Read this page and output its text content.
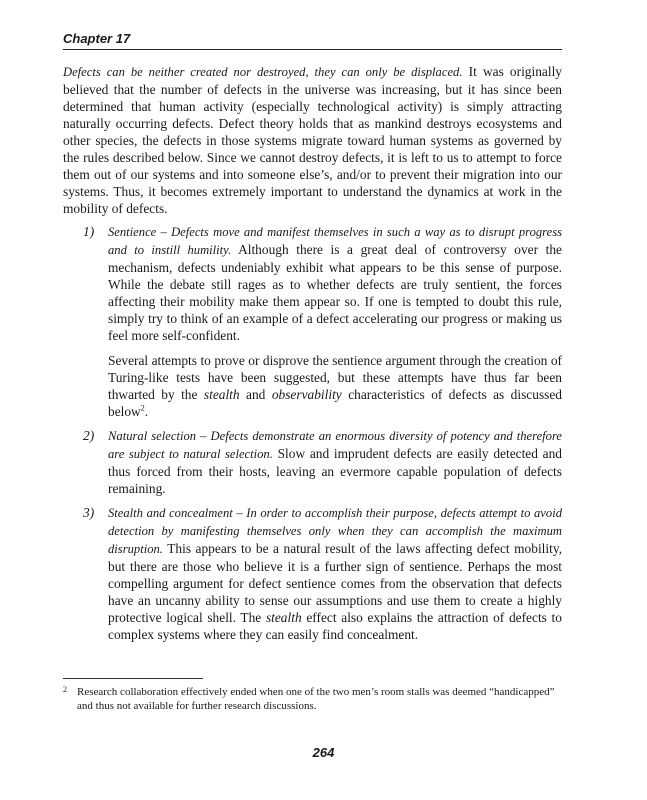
Chapter 17

Defects can be neither created nor destroyed, they can only be displaced. It was originally believed that the number of defects in the universe was increasing, but it has since been determined that human activity (especially technological activity) is simply attracting naturally occurring defects. Defect theory holds that as mankind destroys ecosystems and other species, the defects in those systems migrate toward human systems as governed by the rules described below. Since we cannot destroy defects, it is left to us to attempt to force them out of our systems and into someone else’s, and/or to prevent their migration into our systems. Thus, it becomes extremely important to understand the dynamics at work in the mobility of defects.

1) Sentience – Defects move and manifest themselves in such a way as to disrupt progress and to instill humility. Although there is a great deal of controversy over the mechanism, defects undeniably exhibit what appears to be this sense of purpose. While the debate still rages as to whether defects are truly sentient, the forces affecting their mobility make them appear so. If one is tempted to doubt this rule, simply try to think of an example of a defect accelerating our progress or making us feel more self-confident.

Several attempts to prove or disprove the sentience argument through the creation of Turing-like tests have been suggested, but these attempts have thus far been thwarted by the stealth and observability characteristics of defects as discussed below$^2$.

2) Natural selection – Defects demonstrate an enormous diversity of potency and therefore are subject to natural selection. Slow and imprudent defects are easily detected and thus forced from their hosts, leaving an evermore capable population of defects remaining.

3) Stealth and concealment – In order to accomplish their purpose, defects attempt to avoid detection by manifesting themselves only when they can accomplish the maximum disruption. This appears to be a natural result of the laws affecting defect mobility, but there are those who believe it is a further sign of sentience. Perhaps the most compelling argument for defect sentience comes from the observation that defects have an uncanny ability to sense our assumptions and use them to create a highly protective logical shell. The stealth effect also explains the attraction of defects to complex systems where they can easily find concealment.

2 Research collaboration effectively ended when one of the two men’s room stalls was deemed “handicapped” and thus not available for further research discussions.
264
